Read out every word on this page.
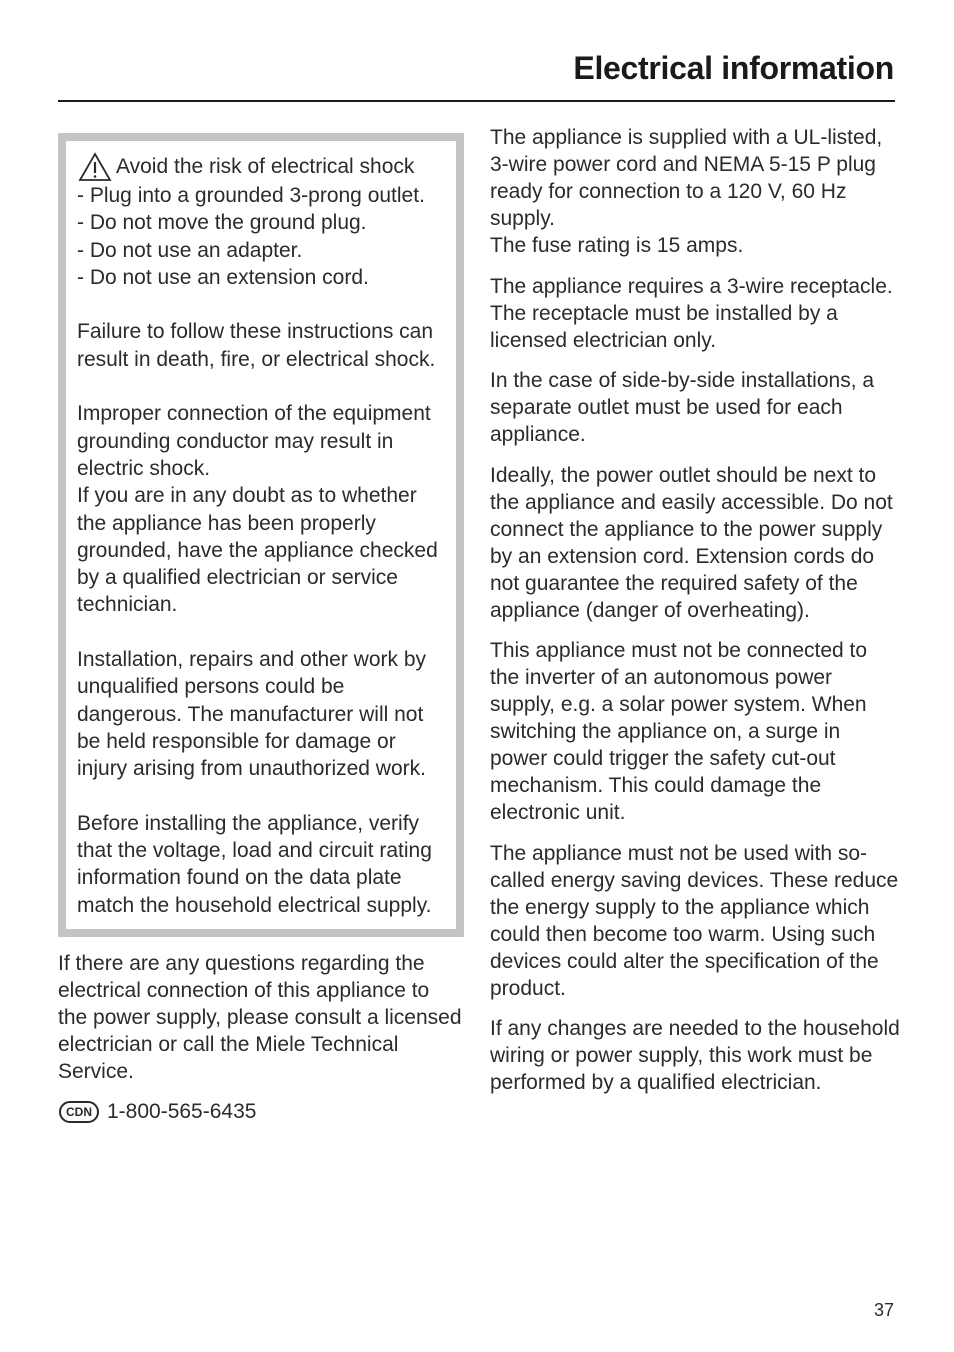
Electrical information
Avoid the risk of electrical shock
- Plug into a grounded 3-prong outlet.
- Do not move the ground plug.
- Do not use an adapter.
- Do not use an extension cord.

Failure to follow these instructions can result in death, fire, or electrical shock.

Improper connection of the equipment grounding conductor may result in electric shock.

If you are in any doubt as to whether the appliance has been properly grounded, have the appliance checked by a qualified electrician or service technician.

Installation, repairs and other work by unqualified persons could be dangerous. The manufacturer will not be held responsible for damage or injury arising from unauthorized work.

Before installing the appliance, verify that the voltage, load and circuit rating information found on the data plate match the household electrical supply.

If there are any questions regarding the electrical connection of this appliance to the power supply, please consult a licensed electrician or call the Miele Technical Service.
CDN 1-800-565-6435

The appliance is supplied with a UL-listed, 3-wire power cord and NEMA 5-15 P plug ready for connection to a 120 V, 60 Hz supply.
The fuse rating is 15 amps.

The appliance requires a 3-wire receptacle.
The receptacle must be installed by a licensed electrician only.

In the case of side-by-side installations, a separate outlet must be used for each appliance.

Ideally, the power outlet should be next to the appliance and easily accessible. Do not connect the appliance to the power supply by an extension cord. Extension cords do not guarantee the required safety of the appliance (danger of overheating).

This appliance must not be connected to the inverter of an autonomous power supply, e.g. a solar power system. When switching the appliance on, a surge in power could trigger the safety cut-out mechanism. This could damage the electronic unit.

The appliance must not be used with so-called energy saving devices. These reduce the energy supply to the appliance which could then become too warm. Using such devices could alter the specification of the product.

If any changes are needed to the household wiring or power supply, this work must be performed by a qualified electrician.

37
